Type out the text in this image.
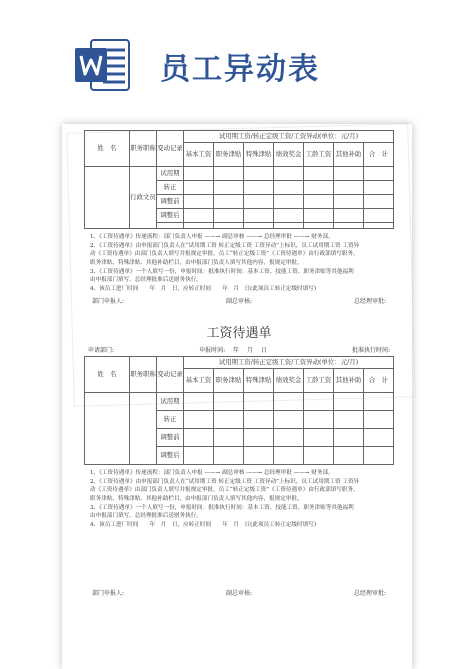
员工异动表
姓　名	职务职称	变动记录	试用期工资/转正定级工资/工资异动(单位：元/月)						
			基本工资	职务津贴	特殊津贴	绩效奖金	工龄工资	其他补助	合　计
	行政文员	试用期							
		转正							
		调整前							
		调整后							

1、《工资待遇单》传递流程：部门负责人申报 ——→ 副总审核 ——→ 总经理审批 ——→ 财务部。
2、《工资待遇单》由申报部门负责人在“试用期工资 转正定级工资 工资异动”上标识，员工试用期工资 工资异
动《工资待遇单》由部门负责人填写并报规定审批，员工“转正定级工资”《工资待遇单》由行政部填写职务、
职务津贴、特殊津贴、其他补助栏目，由申报部门负责人填写其他内容，报规定审批。
3、《工资待遇单》一个人填写一份，申报时间：批准执行时间：基本工资、技能工资、职务津贴等其他福利
由申报部门填写，总经理批准后送财务执行。
4、该员工进厂时间　　年　月　日，应转正时间　　年　月　日(此项员工转正定级时填写)
部门申报人:	副总审核:	总经理审批:
工资待遇单
申请部门:	申报时间:   年   月   日	批准执行时间:
姓　名	职务职称	变动记录	试用期工资/转正定级工资/工资异动(单位：元/月)						
			基本工资	职务津贴	特殊津贴	绩效奖金	工龄工资	其他补助	合　计
		试用期							
		转正							
		调整前							
		调整后							
1、《工资待遇单》传递流程：部门负责人申报 ——→ 副总审核 ——→ 总经理审批 ——→ 财务部。
2、《工资待遇单》由申报部门负责人在“试用期工资 转正定级工资 工资异动”上标识，员工试用期工资 工资异
动《工资待遇单》由部门负责人填写并报规定审批，员工“转正定级工资”《工资待遇单》由行政部填写职务、
职务津贴、特殊津贴、其他补助栏目，由申报部门负责人填写其他内容，报规定审批。
3、《工资待遇单》一个人填写一份，申报时间：批准执行时间：基本工资、技能工资、职务津贴等其他福利
由申报部门填写，总经理批准后送财务执行。
4、该员工进厂时间　　年　月　日，应转正时间　　年　月　日(此项员工转正定级时填写)
部门申报人:	副总审核:	总经理审批:
